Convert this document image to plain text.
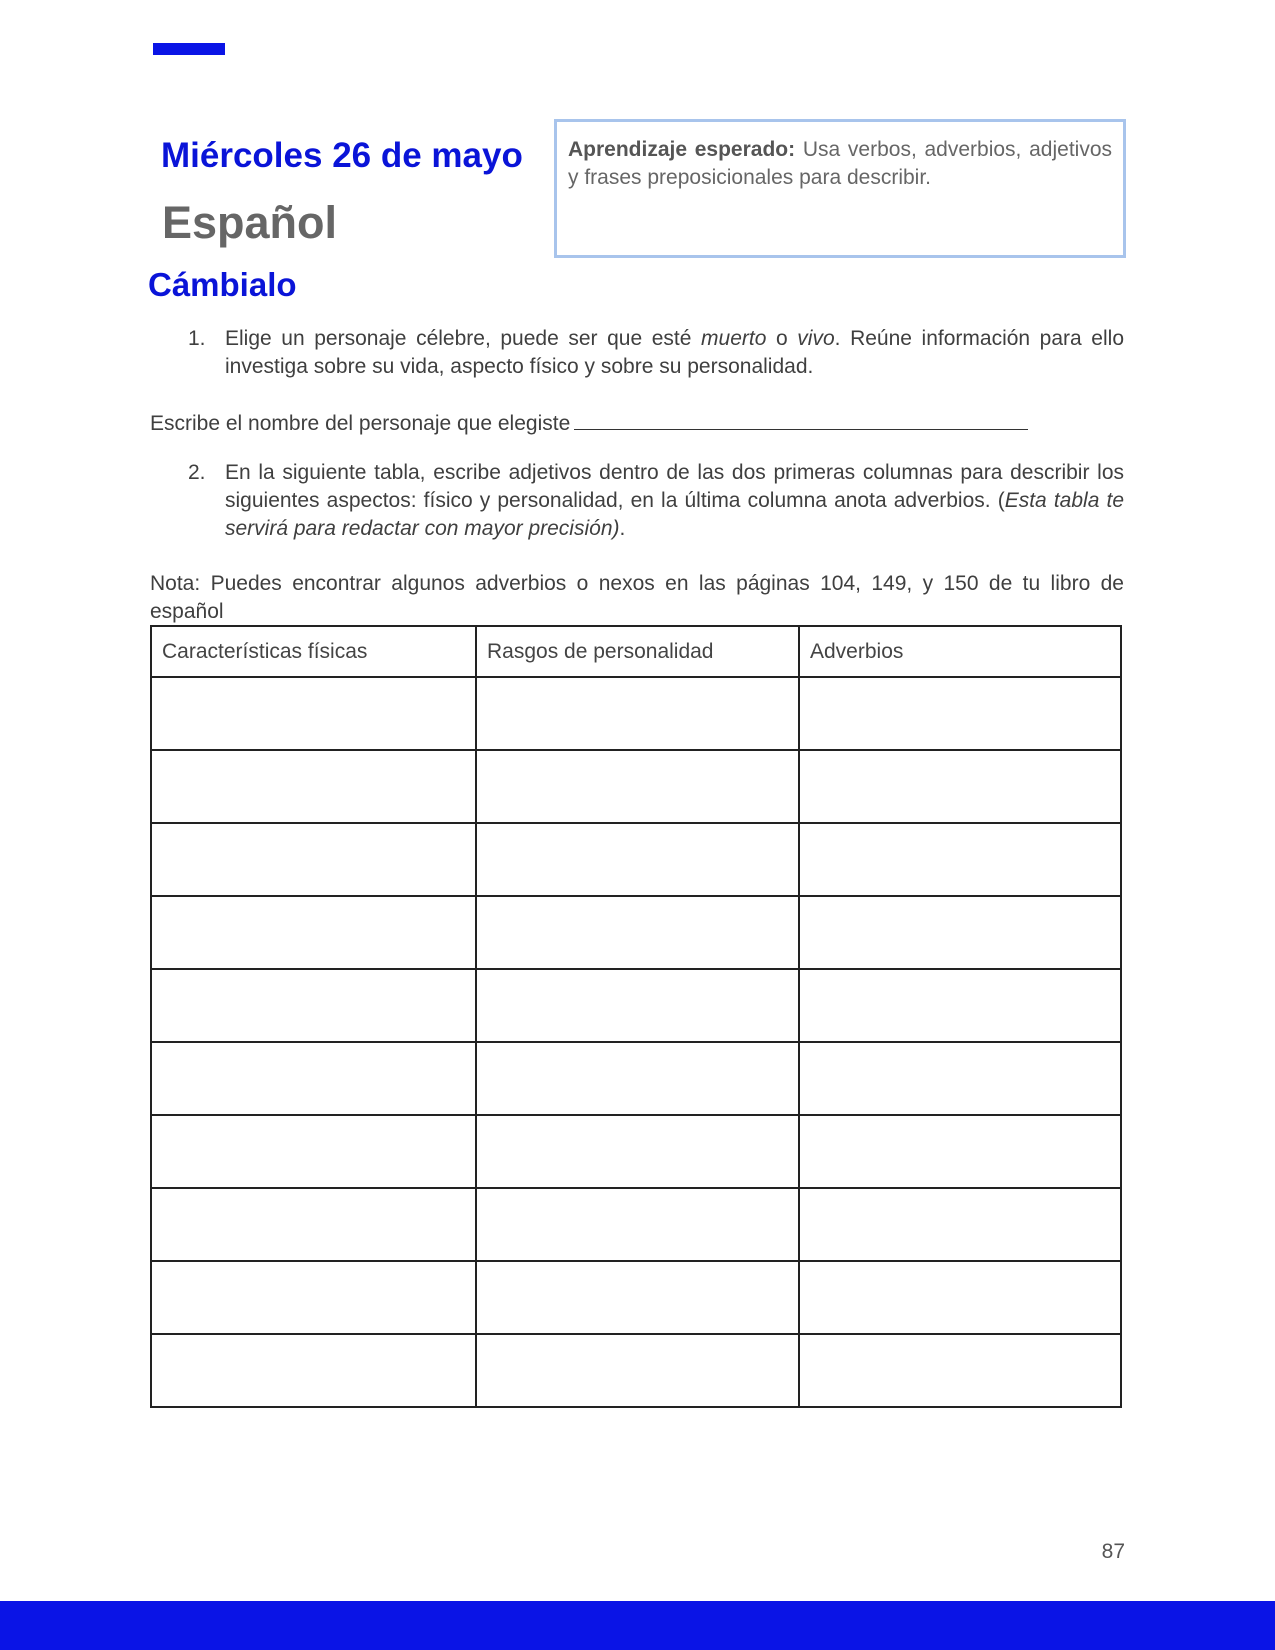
Miércoles 26 de mayo
Español
Cámbialo
Aprendizaje esperado: Usa verbos, adverbios, adjetivos y frases preposicionales para describir.
1. Elige un personaje célebre, puede ser que esté muerto o vivo. Reúne información para ello investiga sobre su vida, aspecto físico y sobre su personalidad.
Escribe el nombre del personaje que elegiste
2. En la siguiente tabla, escribe adjetivos dentro de las dos primeras columnas para describir los siguientes aspectos: físico y personalidad, en la última columna anota adverbios. (Esta tabla te servirá para redactar con mayor precisión).
Nota: Puedes encontrar algunos adverbios o nexos en las páginas 104, 149, y 150 de tu libro de español
Características físicas	Rasgos de personalidad	Adverbios

87
